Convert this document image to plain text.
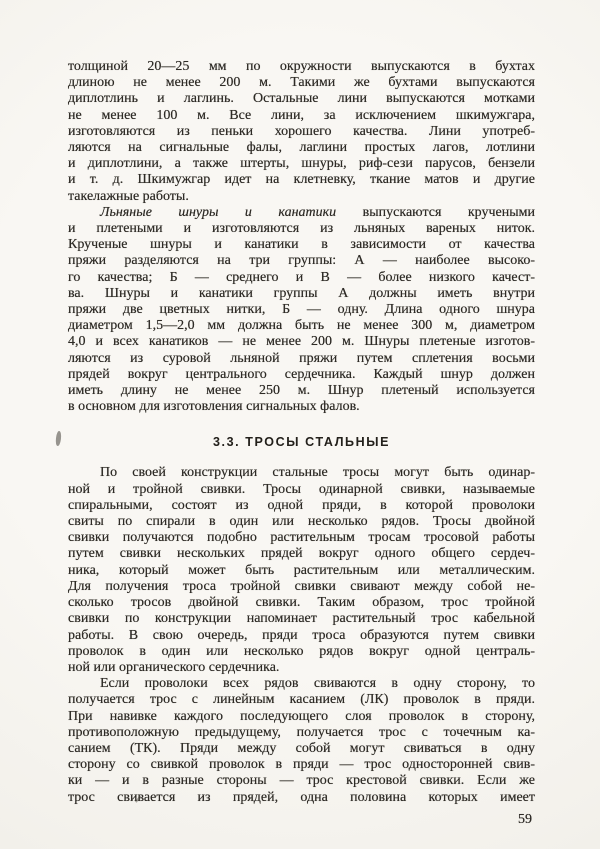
толщиной 20—25 мм по окружности выпускаются в бухтах
длиною не менее 200 м. Такими же бухтами выпускаются
диплотлинь и лаглинь. Остальные лини выпускаются мотками
не менее 100 м. Все лини, за исключением шкимужгара,
изготовляются из пеньки хорошего качества. Лини употреб-
ляются на сигнальные фалы, лаглини простых лагов, лотлини
и диплотлини, а также штерты, шнуры, риф-сези парусов, бензели
и т. д. Шкимужгар идет на клетневку, ткание матов и другие
такелажные работы.
Льняные шнуры и канатики выпускаются кручеными
и плетеными и изготовляются из льняных вареных ниток.
Крученые шнуры и канатики в зависимости от качества
пряжи разделяются на три группы: А — наиболее высоко-
го качества; Б — среднего и В — более низкого качест-
ва. Шнуры и канатики группы А должны иметь внутри
пряжи две цветных нитки, Б — одну. Длина одного шнура
диаметром 1,5—2,0 мм должна быть не менее 300 м, диаметром
4,0 и всех канатиков — не менее 200 м. Шнуры плетеные изготов-
ляются из суровой льняной пряжи путем сплетения восьми
прядей вокруг центрального сердечника. Каждый шнур должен
иметь длину не менее 250 м. Шнур плетеный используется
в основном для изготовления сигнальных фалов.
3.3. ТРОСЫ СТАЛЬНЫЕ
По своей конструкции стальные тросы могут быть одинар-
ной и тройной свивки. Тросы одинарной свивки, называемые
спиральными, состоят из одной пряди, в которой проволоки
свиты по спирали в один или несколько рядов. Тросы двойной
свивки получаются подобно растительным тросам тросовой работы
путем свивки нескольких прядей вокруг одного общего сердеч-
ника, который может быть растительным или металлическим.
Для получения троса тройной свивки свивают между собой не-
сколько тросов двойной свивки. Таким образом, трос тройной
свивки по конструкции напоминает растительный трос кабельной
работы. В свою очередь, пряди троса образуются путем свивки
проволок в один или несколько рядов вокруг одной централь-
ной или органического сердечника.
Если проволоки всех рядов свиваются в одну сторону, то
получается трос с линейным касанием (ЛК) проволок в пряди.
При навивке каждого последующего слоя проволок в сторону,
противоположную предыдущему, получается трос с точечным ка-
санием (ТК). Пряди между собой могут свиваться в одну
сторону со свивкой проволок в пряди — трос односторонней свив-
ки — и в разные стороны — трос крестовой свивки. Если же
трос свивается из прядей, одна половина которых имеет
59
